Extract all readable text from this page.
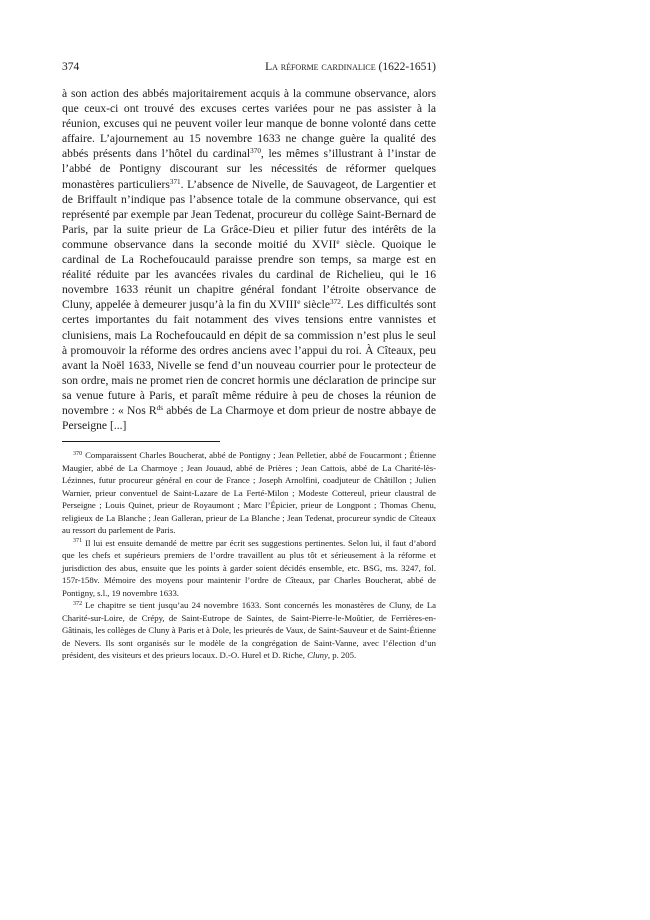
374	La réforme cardinalice (1622-1651)

à son action des abbés majoritairement acquis à la commune observance, alors que ceux-ci ont trouvé des excuses certes variées pour ne pas assister à la réunion, excuses qui ne peuvent voiler leur manque de bonne volonté dans cette affaire. L’ajournement au 15 novembre 1633 ne change guère la qualité des abbés présents dans l’hôtel du cardinal$^{370}$, les mêmes s’illustrant à l’instar de l’abbé de Pontigny discourant sur les nécessités de réformer quelques monastères particuliers$^{371}$. L’absence de Nivelle, de Sauvageot, de Largentier et de Briffault n’indique pas l’absence totale de la commune observance, qui est représenté par exemple par Jean Tedenat, procureur du collège Saint-Bernard de Paris, par la suite prieur de La Grâce-Dieu et pilier futur des intérêts de la commune observance dans la seconde moitié du XVIIe siècle. Quoique le cardinal de La Rochefoucauld paraisse prendre son temps, sa marge est en réalité réduite par les avancées rivales du cardinal de Richelieu, qui le 16 novembre 1633 réunit un chapitre général fondant l’étroite observance de Cluny, appelée à demeurer jusqu’à la fin du XVIIIe siècle$^{372}$. Les difficultés sont certes importantes du fait notamment des vives tensions entre vannistes et clunisiens, mais La Rochefoucauld en dépit de sa commission n’est plus le seul à promouvoir la réforme des ordres anciens avec l’appui du roi. À Cîteaux, peu avant la Noël 1633, Nivelle se fend d’un nouveau courrier pour le protecteur de son ordre, mais ne promet rien de concret hormis une déclaration de principe sur sa venue future à Paris, et paraît même réduire à peu de choses la réunion de novembre : « Nos $R^{ds}$ abbés de La Charmoye et dom prieur de nostre abbaye de Perseigne [...]

$^{370}$ Comparaissent Charles Boucherat, abbé de Pontigny ; Jean Pelletier, abbé de Foucarmont ; Étienne Maugier, abbé de La Charmoye ; Jean Jouaud, abbé de Prières ; Jean Cattois, abbé de La Charité-lès-Lézinnes, futur procureur général en cour de France ; Joseph Arnolfini, coadjuteur de Châtillon ; Julien Warnier, prieur conventuel de Saint-Lazare de La Ferté-Milon ; Modeste Cottereul, prieur claustral de Perseigne ; Louis Quinet, prieur de Royaumont ; Marc l’Épicier, prieur de Longpont ; Thomas Chenu, religieux de La Blanche ; Jean Galleran, prieur de La Blanche ; Jean Tedenat, procureur syndic de Cîteaux au ressort du parlement de Paris.

$^{371}$ Il lui est ensuite demandé de mettre par écrit ses suggestions pertinentes. Selon lui, il faut d’abord que les chefs et supérieurs premiers de l’ordre travaillent au plus tôt et sérieusement à la réforme et jurisdiction des abus, ensuite que les points à garder soient décidés ensemble, etc. BSG, ms. 3247, fol. 157r-158v. Mémoire des moyens pour maintenir l’ordre de Cîteaux, par Charles Boucherat, abbé de Pontigny, s.l., 19 novembre 1633.

$^{372}$ Le chapitre se tient jusqu’au 24 novembre 1633. Sont concernés les monastères de Cluny, de La Charité-sur-Loire, de Crépy, de Saint-Eutrope de Saintes, de Saint-Pierre-le-Moûtier, de Ferrières-en-Gâtinais, les collèges de Cluny à Paris et à Dole, les prieurés de Vaux, de Saint-Sauveur et de Saint-Étienne de Nevers. Ils sont organisés sur le modèle de la congrégation de Saint-Vanne, avec l’élection d’un président, des visiteurs et des prieurs locaux. D.-O. Hurel et D. Riche, Cluny, p. 205.
